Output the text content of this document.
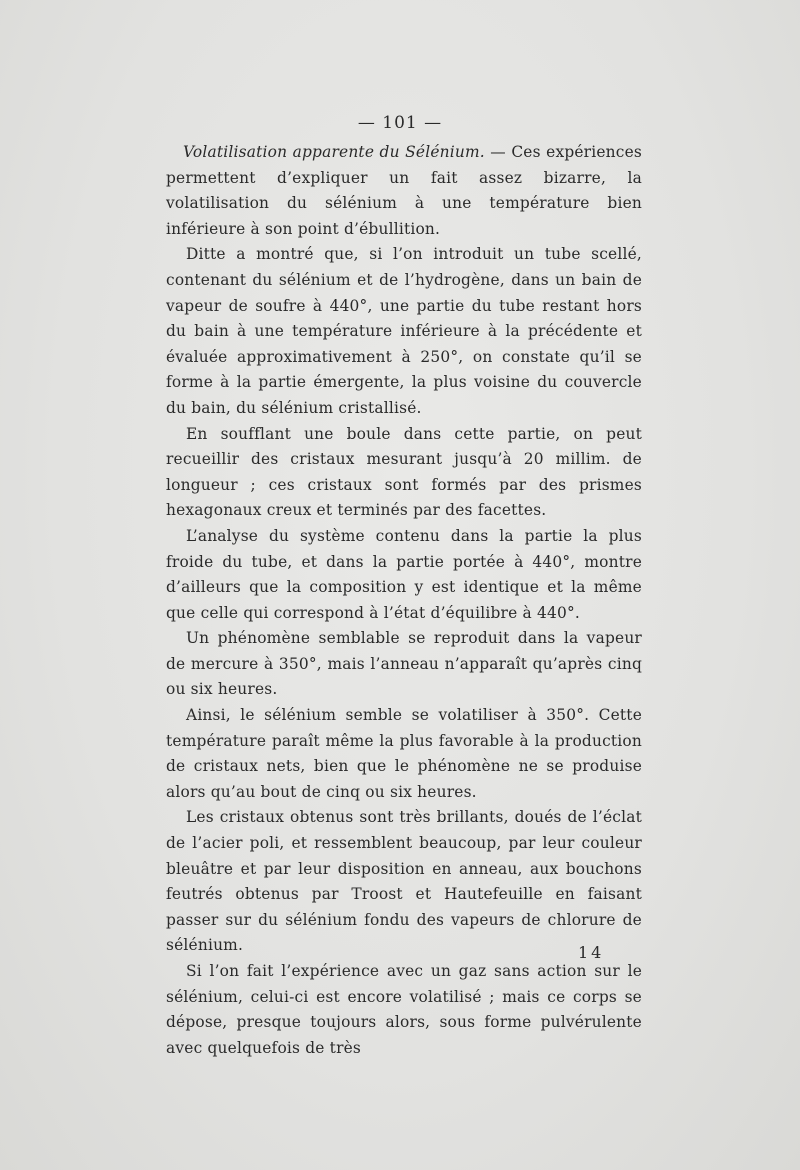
— 101 —

Volatilisation apparente du Sélénium. — Ces expériences permettent d’expliquer un fait assez bizarre, la volatilisation du sélénium à une température bien inférieure à son point d’ébullition.

Ditte a montré que, si l’on introduit un tube scellé, contenant du sélénium et de l’hydrogène, dans un bain de vapeur de soufre à 440°, une partie du tube restant hors du bain à une température inférieure à la précédente et évaluée approximativement à 250°, on constate qu’il se forme à la partie émergente, la plus voisine du couvercle du bain, du sélénium cristallisé.

En soufflant une boule dans cette partie, on peut recueillir des cristaux mesurant jusqu’à 20 millim. de longueur ; ces cristaux sont formés par des prismes hexagonaux creux et terminés par des facettes.

L’analyse du système contenu dans la partie la plus froide du tube, et dans la partie portée à 440°, montre d’ailleurs que la composition y est identique et la même que celle qui correspond à l’état d’équilibre à 440°.

Un phénomène semblable se reproduit dans la vapeur de mercure à 350°, mais l’anneau n’apparaît qu’après cinq ou six heures.

Ainsi, le sélénium semble se volatiliser à 350°. Cette température paraît même la plus favorable à la production de cristaux nets, bien que le phénomène ne se produise alors qu’au bout de cinq ou six heures.

Les cristaux obtenus sont très brillants, doués de l’éclat de l’acier poli, et ressemblent beaucoup, par leur couleur bleuâtre et par leur disposition en anneau, aux bouchons feutrés obtenus par Troost et Hautefeuille en faisant passer sur du sélénium fondu des vapeurs de chlorure de sélénium.

Si l’on fait l’expérience avec un gaz sans action sur le sélénium, celui-ci est encore volatilisé ; mais ce corps se dépose, presque toujours alors, sous forme pulvérulente avec quelquefois de très

14
